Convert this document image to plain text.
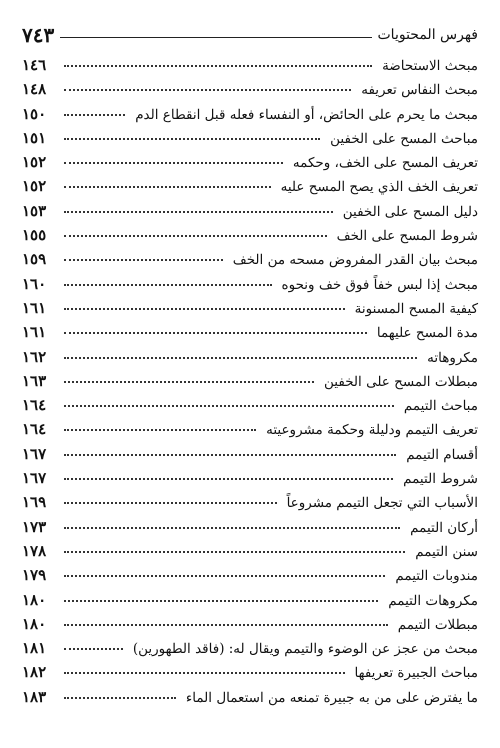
فهرس المحتويات
٧٤٣
مبحث الاستحاضة
١٤٦
مبحث النفاس تعريفه
١٤٨
مبحث ما يحرم على الحائض، أو النفساء فعله قبل انقطاع الدم
١٥٠
مباحث المسح على الخفين
١٥١
تعريف المسح على الخف، وحكمه
١٥٢
تعريف الخف الذي يصح المسح عليه
١٥٢
دليل المسح على الخفين
١٥٣
شروط المسح على الخف
١٥٥
مبحث بيان القدر المفروض مسحه من الخف
١٥٩
مبحث إذا لبس خفاً فوق خف ونحوه
١٦٠
كيفية المسح المسنونة
١٦١
مدة المسح عليهما
١٦١
مكروهاته
١٦٢
مبطلات المسح على الخفين
١٦٣
مباحث التيمم
١٦٤
تعريف التيمم ودليلة وحكمة مشروعيته
١٦٤
أقسام التيمم
١٦٧
شروط التيمم
١٦٧
الأسباب التي تجعل التيمم مشروعاً
١٦٩
أركان التيمم
١٧٣
سنن التيمم
١٧٨
مندوبات التيمم
١٧٩
مكروهات التيمم
١٨٠
مبطلات التيمم
١٨٠
مبحث من عجز عن الوضوء والتيمم ويقال له: (فاقد الطهورين)
١٨١
مباحث الجبيرة تعريفها
١٨٢
ما يفترض على من به جبيرة تمنعه من استعمال الماء
١٨٣
